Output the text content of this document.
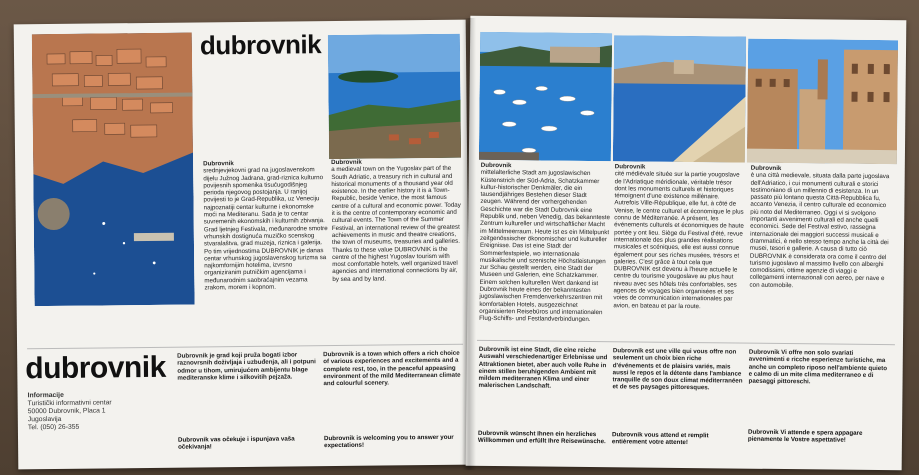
dubrovnik
Dubrovnik
srednjevjekovni grad na jugoslavenskom dijelu Južnog Jadrana, grad-riznica kulturno povijesnih spomenika tisućugodišnjeg perioda njegovog postojanja. U ranijoj povijesti to je Grad-Republika, uz Veneciju najpoznatiji centar kulturne i ekonomske moći na Mediteranu. Sada je to centar suvremenih ekonomskih i kulturnih zbivanja. Grad ljetnjeg Festivala, međunarodne smotre vrhunskih dostignuća muzičko scenskog stvaralaštva, grad muzeja, riznica i galerija. Po tim vrijednostima DUBROVNIK je danas centar vrhunskog jugoslavenskog turizma sa najkomfornijim hotelima, izvrsno organiziranim putničkim agencijama i međunarodnim saobraćajnim vezama zrakom, morem i kopnom.
Dubrovnik
a medieval town on the Yugoslav part of the South Adriatic, a treasury rich in cultural and historical monuments of a thousand year old existence. In the earlier history it is a Town-Republic, beside Venice, the most famous centre of a cultural and economic power. Today it is the centre of contemporary economic and cultural events. The Town of the Summer Festival, an international review of the greatest achievements in music and theatre creations, the town of museums, treasuries and galleries. Thanks to these value DUBROVNIK is the centre of the highest Yugoslav tourism with most comfortable hotels, well organized travel agencies and international connections by air, by sea and by land.
dubrovnik
Informacije
Turistički informativni centar
50000 Dubrovnik, Placa 1
Jugoslavija
Tel. (050) 26-355
Dubrovnik je grad koji pruža bogati izbor raznovrsnih doživljaja i uzbuđenja, ali i potpuni odmor u tihom, umirujućem ambijentu blage mediteranske klime i silkovitih pejzaža.
Dubrovnik is a town which offers a rich choice of various experiences and excitements and a complete rest, too, in the peaceful appeasing environment of the mild Mediterranean climate and colourful scenery.
Dubrovnik vas očekuje i ispunjava vaša očekivanja!
Dubrovnik is welcoming you to answer your expectations!
Dubrovnik
mittelalterliche Stadt am jugoslawischen Küstenstrich der Süd-Adria, Schatzkammer kultur-historischer Denkmäler, die ein tausendjähriges Bestehen dieser Stadt zeugen. Während der vorhergehenden Geschichte war die Stadt Dubrovnik eine Republik und, neben Venedig, das bekannteste Zentrum kultureller und wirtschaftlicher Macht im Mittelmeerraum. Heute ist es ein Mittelpunkt zeitgenössischer ökonomischer und kultureller Ereignisse. Das ist eine Stadt der Sommerfestspiele, wo internationale musikalische und szenische Höchstleistungen zur Schau gestellt werden, eine Stadt der Museen und Galerien, eine Schatzkammer. Einem solchen kulturellen Wert dankend ist Dubrovnik heute eines der bekanntesten jugoslawischen Fremdenverkehrszentren mit komfortablen Hotels, ausgezeichnet organisierten Reisebüros und internationalen Flug-Schiffs- und Festlandverbindungen.
Dubrovnik
cité médiévale située sur la partie yougoslave de l'Adriatique méridionale, véritable trésor dont les monuments culturels et historiques témoignent d'une existence millénaire. Autrefois Ville-République, elle fut, à côté de Venise, le centre culturel et économique le plus connu de Méditerranée. A présent, les événements culturels et économiques de haute portée y ont lieu. Siège du Festival d'été, revue internationale des plus grandes réalisations musicales et scéniques, elle est aussi connue également pour ses riches musées, trésors et galeries. C'est grâce à tout cela que DUBROVNIK est devenu à l'heure actuelle le centre du tourisme yougoslave au plus haut niveau avec ses hôtels très confortables, ses agences de voyages bien organisées et ses voies de communication internationales par avion, en bateau et par la route.
Dubrovnik
è una città medievale, situata dalla parte jugoslava dell'Adriatico, i cui monumenti culturali e storici testimoniano di un millennio di esistenza. In un passato più lontano questa Città-Repubblica fu, accanto Venezia, il centro culturale ed economico più noto del Mediterraneo. Oggi vi si svolgono importanti avvenimenti culturali ed anche quelli economici. Sede del Festival estivo, rassegna internazionale dei maggiori successi musicali e drammatici, è nello stesso tempo anche la città dei musei, tesori e gallerie. A causa di tutto ciò DUBROVNIK è considerata ora come il centro del turismo jugoslavo al massimo livello con alberghi comodissimi, ottime agenzie di viaggi e collegamenti internazionali con aereo, per nave e con automobile.
Dubrovnik ist eine Stadt, die eine reiche Auswahl verschiedenartiger Erlebnisse und Attraktionen bietet, aber auch volle Ruhe in einem stillen beruhigenden Ambient mit mildem mediterranen Klima und einer malerischen Landschaft.
Dubrovnik est une ville qui vous offre non seulement un choix bien riche d'événements et de plaisirs variés, mais aussi le repos et la détente dans l'ambiance tranquille de son doux climat méditerranéen et de ses paysages pittoresques.
Dubrovnik Vi offre non solo svariati avvenimenti e ricche esperienze turistiche, ma anche un completo riposo nell'ambiente quieto e calmo di un mite clima mediterraneo e di paesaggi pittoreschi.
Dubrovnik wünscht Ihnen ein herzliches Willkommen und erfüllt Ihre Reisewünsche.
Dubrovnik vous attend et remplit entièrement votre attente!
Dubrovnik Vi attende e spera appagare pienamente le Vostre aspettative!
